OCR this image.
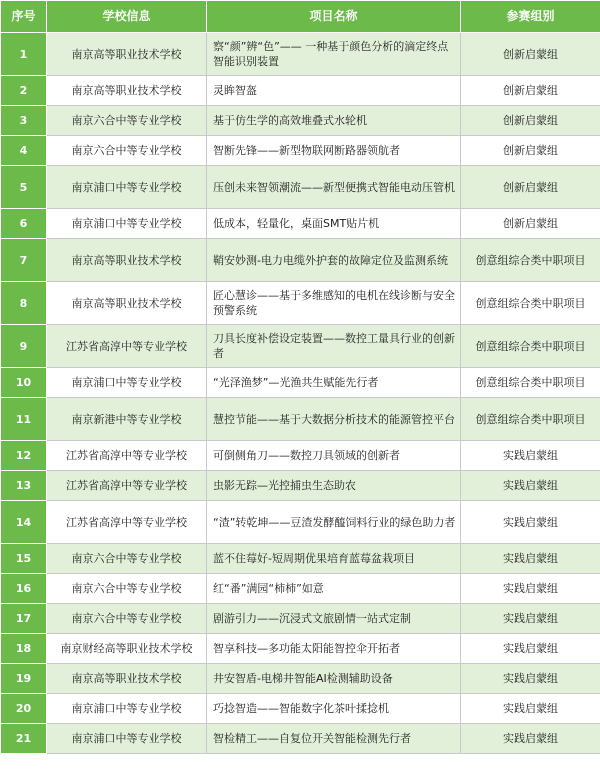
序号	学校信息	项目名称	参赛组别
1	南京高等职业技术学校	察“颜”辨“色”—— 一种基于颜色分析的滴定终点智能识别装置	创新启蒙组
2	南京高等职业技术学校	灵眸智盔	创新启蒙组
3	南京六合中等专业学校	基于仿生学的高效堆叠式水轮机	创新启蒙组
4	南京六合中等专业学校	智断先锋——新型物联网断路器领航者	创新启蒙组
5	南京浦口中等专业学校	压创未来智领潮流——新型便携式智能电动压管机	创新启蒙组
6	南京浦口中等专业学校	低成本，轻量化，桌面SMT贴片机	创新启蒙组
7	南京高等职业技术学校	鞘安妙测-电力电缆外护套的故障定位及监测系统	创意组综合类中职项目
8	南京高等职业技术学校	匠心慧诊——基于多维感知的电机在线诊断与安全预警系统	创意组综合类中职项目
9	江苏省高淳中等专业学校	刀具长度补偿设定装置——数控工量具行业的创新者	创意组综合类中职项目
10	南京浦口中等专业学校	“光泽渔梦”—光渔共生赋能先行者	创意组综合类中职项目
11	南京新港中等专业学校	慧控节能——基于大数据分析技术的能源管控平台	创意组综合类中职项目
12	江苏省高淳中等专业学校	可倒侧角刀——数控刀具领域的创新者	实践启蒙组
13	江苏省高淳中等专业学校	虫影无踪—光控捕虫生态助农	实践启蒙组
14	江苏省高淳中等专业学校	“渣”转乾坤——豆渣发酵醯饲料行业的绿色助力者	实践启蒙组
15	南京六合中等专业学校	蓝不住莓好-短周期优果培育蓝莓盆栽项目	实践启蒙组
16	南京六合中等专业学校	红“番”满园“柿柿”如意	实践启蒙组
17	南京六合中等专业学校	剧游引力——沉浸式文旅剧情一站式定制	实践启蒙组
18	南京财经高等职业技术学校	智享科技—多功能太阳能智控伞开拓者	实践启蒙组
19	南京高等职业技术学校	井安智盾-电梯井智能AI检测辅助设备	实践启蒙组
20	南京浦口中等专业学校	巧捻智造——智能数字化茶叶揉捻机	实践启蒙组
21	南京浦口中等专业学校	智检精工——自复位开关智能检测先行者	实践启蒙组
